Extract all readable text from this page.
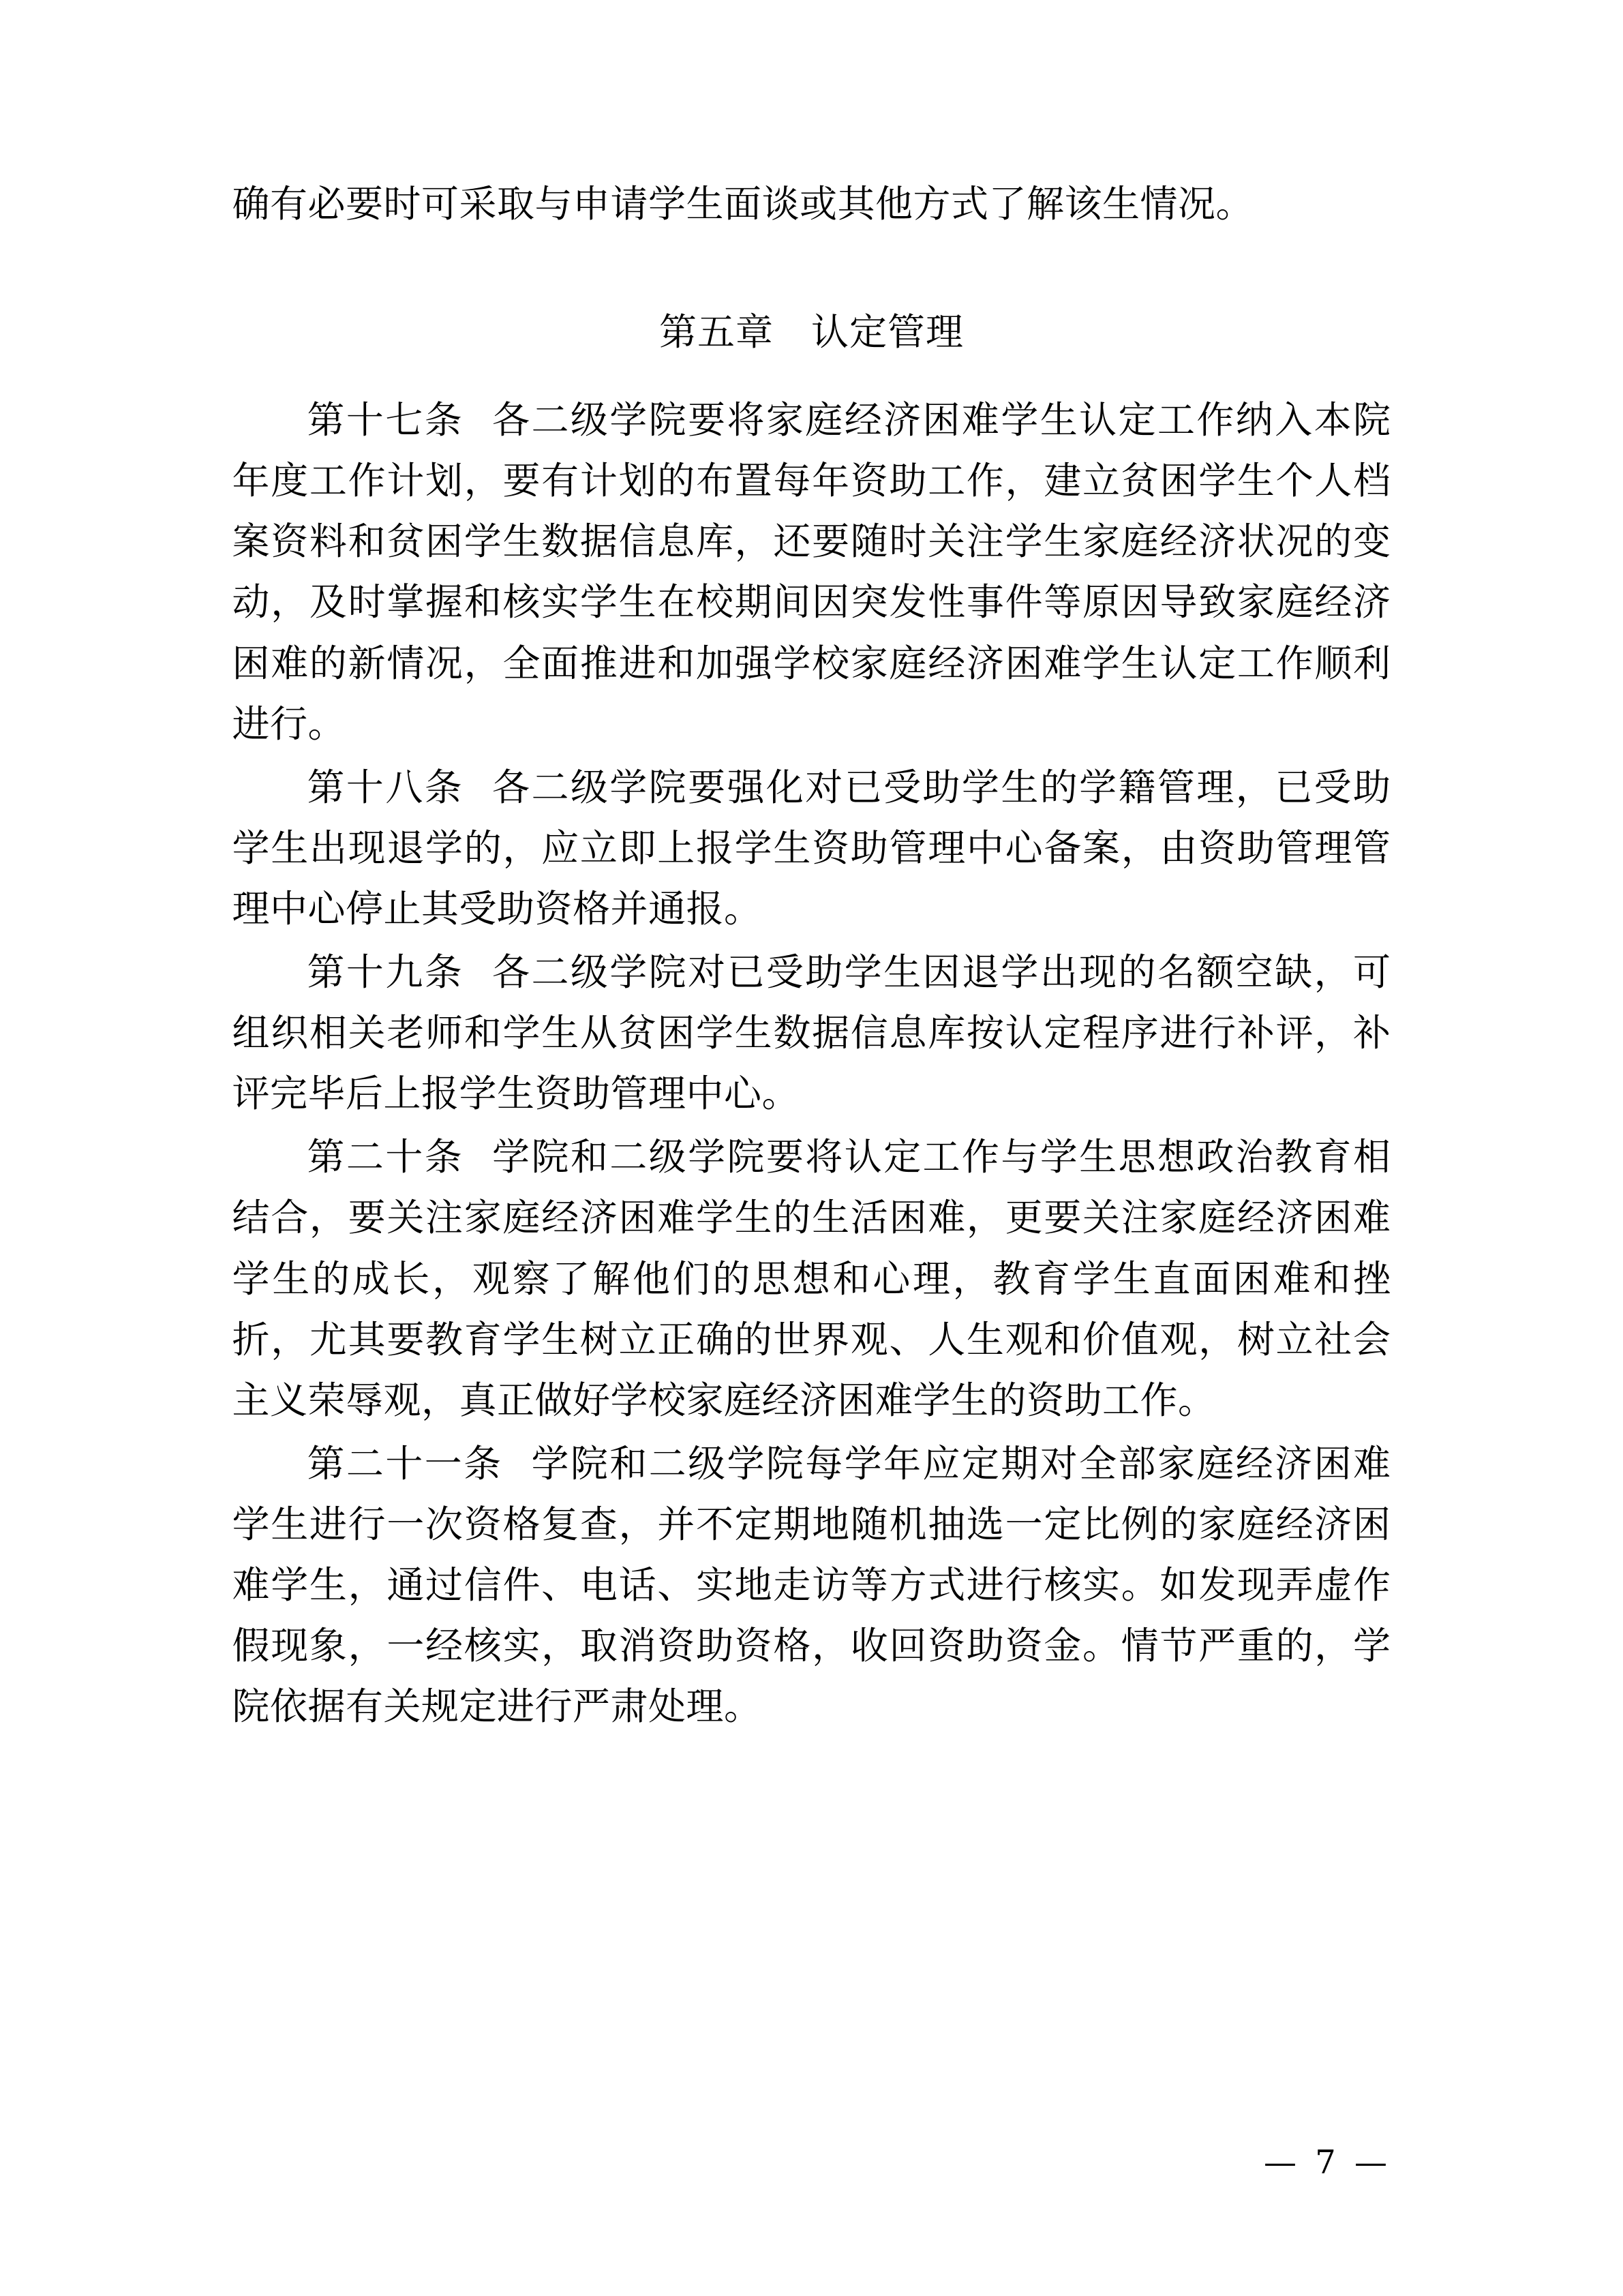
确有必要时可采取与申请学生面谈或其他方式了解该生情况。

第五章 认定管理

第十七条 各二级学院要将家庭经济困难学生认定工作纳入本院年度工作计划，要有计划的布置每年资助工作，建立贫困学生个人档案资料和贫困学生数据信息库，还要随时关注学生家庭经济状况的变动，及时掌握和核实学生在校期间因突发性事件等原因导致家庭经济困难的新情况，全面推进和加强学校家庭经济困难学生认定工作顺利进行。

第十八条 各二级学院要强化对已受助学生的学籍管理，已受助学生出现退学的，应立即上报学生资助管理中心备案，由资助管理管理中心停止其受助资格并通报。

第十九条 各二级学院对已受助学生因退学出现的名额空缺，可组织相关老师和学生从贫困学生数据信息库按认定程序进行补评，补评完毕后上报学生资助管理中心。

第二十条 学院和二级学院要将认定工作与学生思想政治教育相结合，要关注家庭经济困难学生的生活困难，更要关注家庭经济困难学生的成长，观察了解他们的思想和心理，教育学生直面困难和挫折，尤其要教育学生树立正确的世界观、人生观和价值观，树立社会主义荣辱观，真正做好学校家庭经济困难学生的资助工作。

第二十一条 学院和二级学院每学年应定期对全部家庭经济困难学生进行一次资格复查，并不定期地随机抽选一定比例的家庭经济困难学生，通过信件、电话、实地走访等方式进行核实。如发现弄虚作假现象，一经核实，取消资助资格，收回资助资金。情节严重的，学院依据有关规定进行严肃处理。

— 7 —
